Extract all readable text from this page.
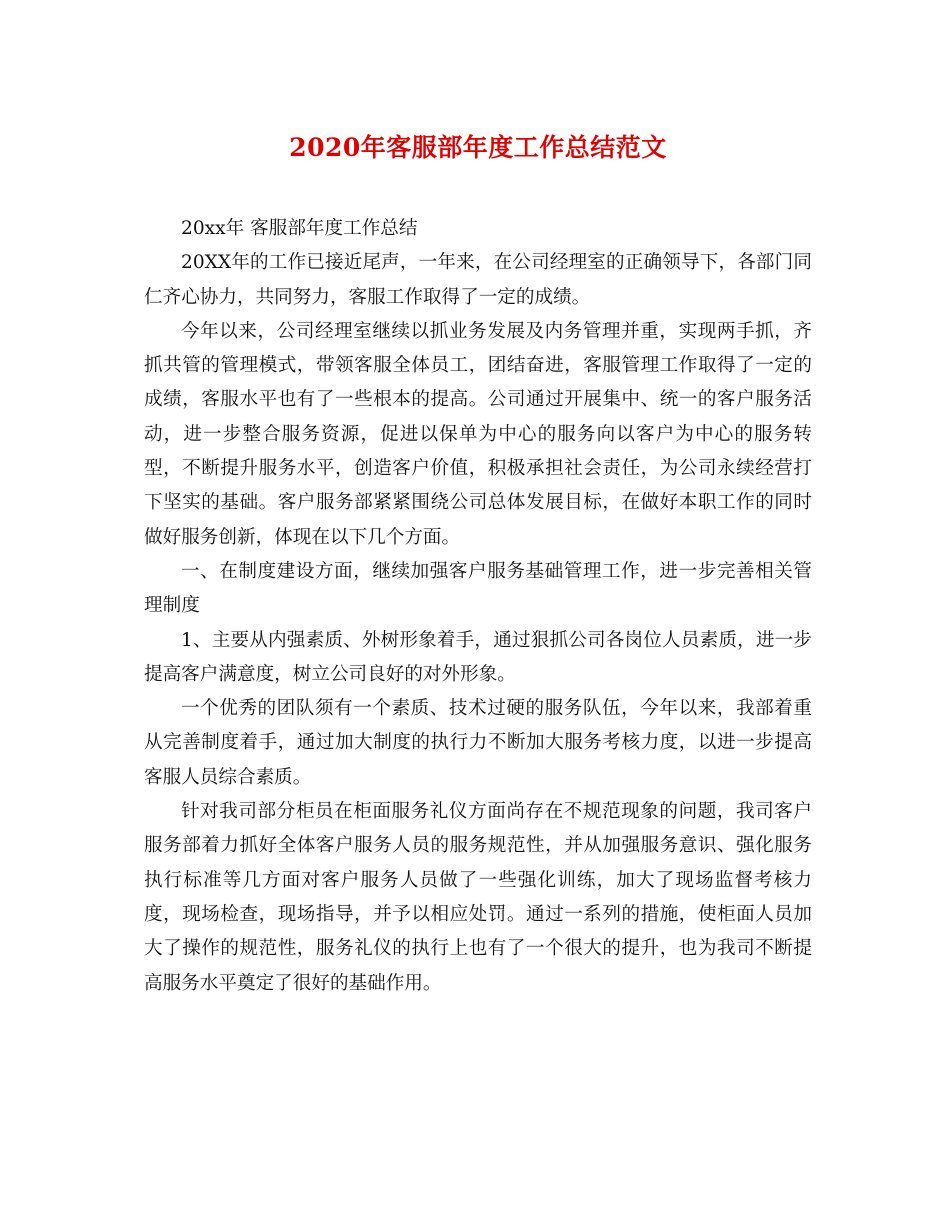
2020年客服部年度工作总结范文

20xx年 客服部年度工作总结

20XX年的工作已接近尾声，一年来，在公司经理室的正确领导下，各部门同仁齐心协力，共同努力，客服工作取得了一定的成绩。

今年以来，公司经理室继续以抓业务发展及内务管理并重，实现两手抓，齐抓共管的管理模式，带领客服全体员工，团结奋进，客服管理工作取得了一定的成绩，客服水平也有了一些根本的提高。公司通过开展集中、统一的客户服务活动，进一步整合服务资源，促进以保单为中心的服务向以客户为中心的服务转型，不断提升服务水平，创造客户价值，积极承担社会责任，为公司永续经营打下坚实的基础。客户服务部紧紧围绕公司总体发展目标，在做好本职工作的同时做好服务创新，体现在以下几个方面。

一、在制度建设方面，继续加强客户服务基础管理工作，进一步完善相关管理制度

1、主要从内强素质、外树形象着手，通过狠抓公司各岗位人员素质，进一步提高客户满意度，树立公司良好的对外形象。

一个优秀的团队须有一个素质、技术过硬的服务队伍，今年以来，我部着重从完善制度着手，通过加大制度的执行力不断加大服务考核力度，以进一步提高客服人员综合素质。

针对我司部分柜员在柜面服务礼仪方面尚存在不规范现象的问题，我司客户服务部着力抓好全体客户服务人员的服务规范性，并从加强服务意识、强化服务执行标准等几方面对客户服务人员做了一些强化训练，加大了现场监督考核力度，现场检查，现场指导，并予以相应处罚。通过一系列的措施，使柜面人员加大了操作的规范性，服务礼仪的执行上也有了一个很大的提升，也为我司不断提高服务水平奠定了很好的基础作用。
